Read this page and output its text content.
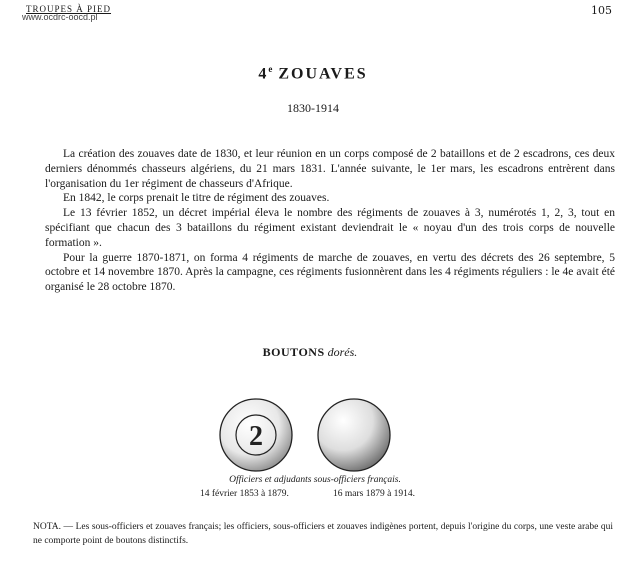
TROUPES À PIED
www.ocdrc-oocd.pl	105
4e ZOUAVES
1830-1914

La création des zouaves date de 1830, et leur réunion en un corps composé de 2 bataillons et de 2 escadrons, ces deux derniers dénommés chasseurs algériens, du 21 mars 1831. L'année suivante, le 1er mars, les escadrons entrèrent dans l'organisation du 1er régiment de chasseurs d'Afrique.

En 1842, le corps prenait le titre de régiment des zouaves.

Le 13 février 1852, un décret impérial éleva le nombre des régiments de zouaves à 3, numérotés 1, 2, 3, tout en spécifiant que chacun des 3 bataillons du régiment existant deviendrait le « noyau d'un des trois corps de nouvelle formation ».

Pour la guerre 1870-1871, on forma 4 régiments de marche de zouaves, en vertu des décrets des 26 septembre, 5 octobre et 14 novembre 1870. Après la campagne, ces régiments fusionnèrent dans les 4 régiments réguliers : le 4e avait été organisé le 28 octobre 1870.

BOUTONS dorés.
2
Officiers et adjudants sous-officiers français.
14 février 1853 à 1879.	16 mars 1879 à 1914.
NOTA. — Les sous-officiers et zouaves français; les officiers, sous-officiers et zouaves indigènes portent, depuis l'origine du corps, une veste arabe qui ne comporte point de boutons distinctifs.
